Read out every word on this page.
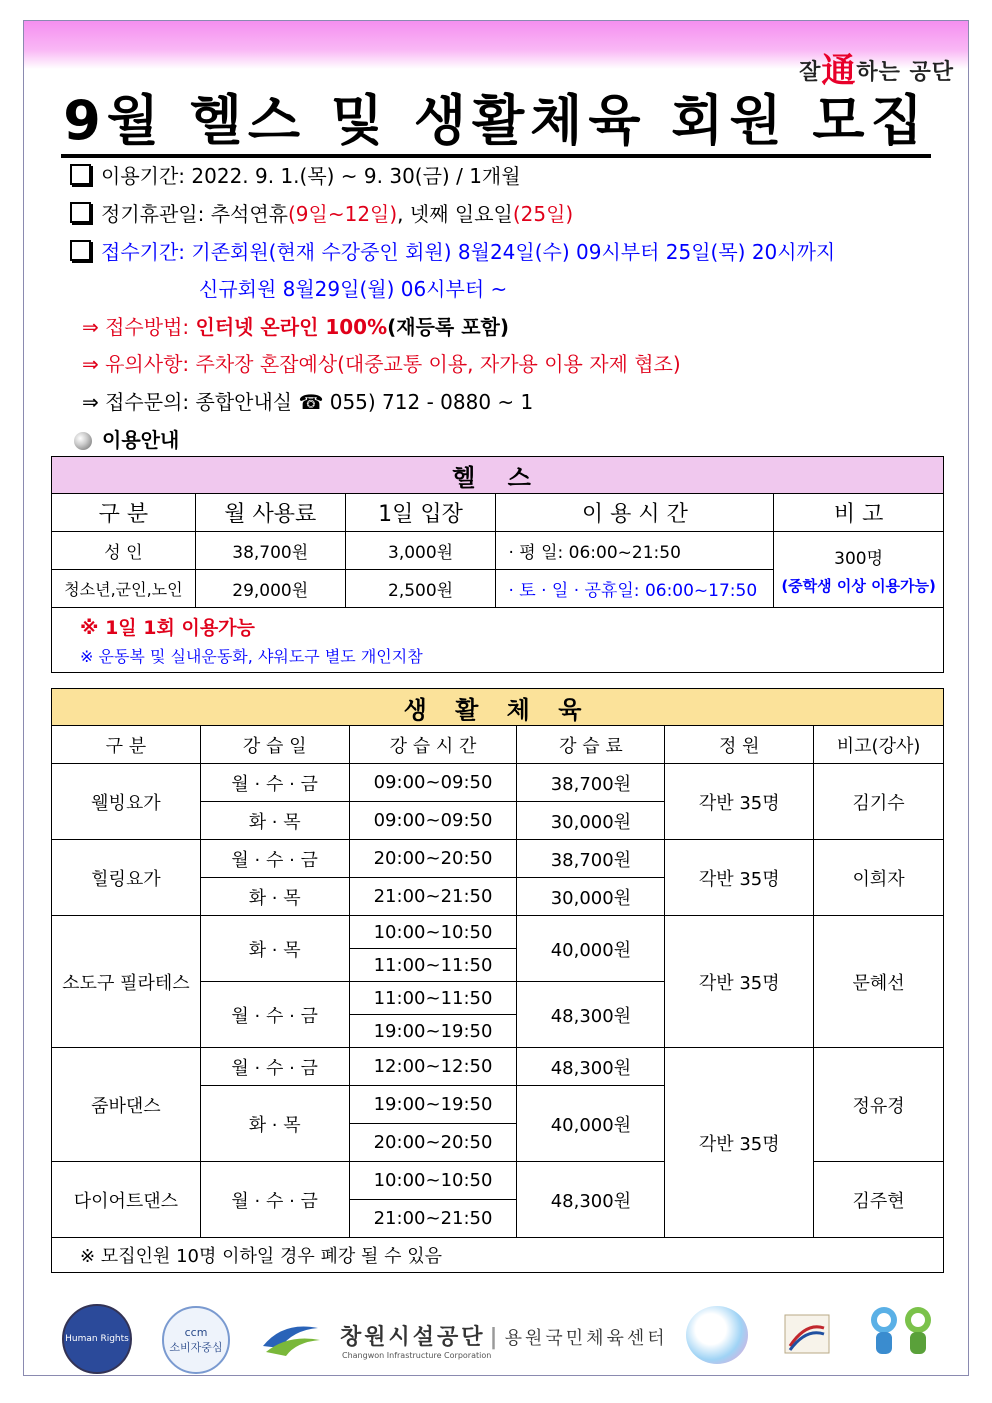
잘通하는 공단
9월 헬스 및 생활체육 회원 모집
이용기간: 2022. 9. 1.(목) ~ 9. 30(금) / 1개월
정기휴관일: 추석연휴(9일~12일), 넷째 일요일(25일)
접수기간: 기존회원(현재 수강중인 회원) 8월24일(수) 09시부터 25일(목) 20시까지
신규회원 8월29일(월) 06시부터 ~
⇒ 접수방법: 인터넷 온라인 100%(재등록 포함)
⇒ 유의사항: 주차장 혼잡예상(대중교통 이용, 자가용 이용 자제 협조)
⇒ 접수문의: 종합안내실 ☎ 055) 712 - 0880 ~ 1
이용안내
헬 스				
구 분	월 사용료	1일 입장	이 용 시 간	비 고
성 인	38,700원	3,000원	· 평 일: 06:00~21:50	300명
(중학생 이상 이용가능)

청소년,군인,노인	29,000원	2,500원	· 토 · 일 · 공휴일: 06:00~17:50	

※ 1일 1회 이용가능
※ 운동복 및 실내운동화, 샤워도구 별도 개인지참				
생 활 체 육					
구 분	강 습 일	강 습 시 간	강 습 료	정 원	비고(강사)
웰빙요가	월 · 수 · 금	09:00~09:50	38,700원	각반 35명	김기수
	화 · 목	09:00~09:50	30,000원		
힐링요가	월 · 수 · 금	20:00~20:50	38,700원	각반 35명	이희자
	화 · 목	21:00~21:50	30,000원		
소도구 필라테스	화 · 목	10:00~10:50	40,000원	각반 35명	문혜선
		11:00~11:50			
	월 · 수 · 금	11:00~11:50	48,300원		
		19:00~19:50			
줌바댄스	월 · 수 · 금	12:00~12:50	48,300원	각반 35명	정유경
	화 · 목	19:00~19:50	40,000원		
		20:00~20:50			
다이어트댄스	월 · 수 · 금	10:00~10:50	48,300원		김주현
		21:00~21:50			
※ 모집인원 10명 이하일 경우 폐강 될 수 있음					
Human Rights
ccm
소비자중심	창원시설공단 | 용원국민체육센터
Changwon Infrastructure Corporation
